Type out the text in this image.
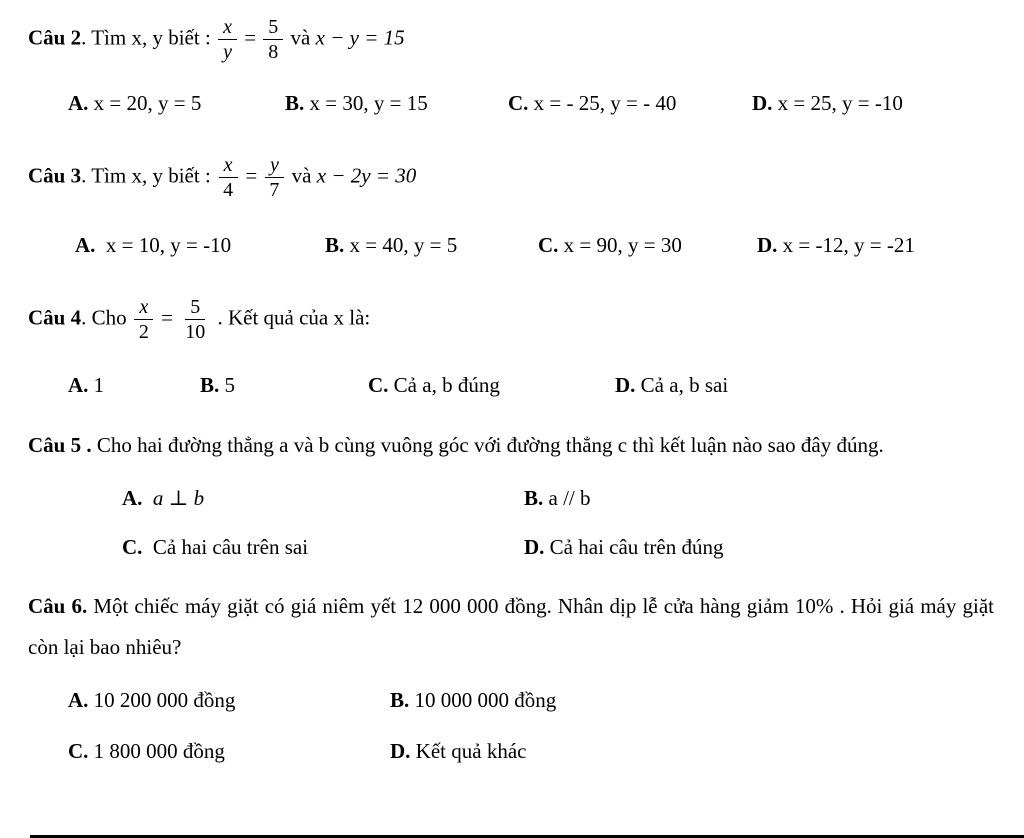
Câu 2. Tìm x, y biết : $\frac{x}{y} = \frac{5}{8}$ và x − y = 15

A. x = 20, y = 5	B. x = 30, y = 15	C. x = - 25, y = - 40	D. x = 25, y = -10

Câu 3. Tìm x, y biết : $\frac{x}{4} = \frac{y}{7}$ và x − 2y = 30

A. x = 10, y = -10	B. x = 40, y = 5	C. x = 90, y = 30	D. x = -12, y = -21

Câu 4. Cho $\frac{x}{2} = \frac{5}{10}$ . Kết quả của x là:

A. 1	B. 5	C. Cả a, b đúng	D. Cả a, b sai

Câu 5 . Cho hai đường thẳng a và b cùng vuông góc với đường thẳng c thì kết luận nào sao đây đúng.

A. a ⊥ b	B. a // b
C. Cả hai câu trên sai	D. Cả hai câu trên đúng

Câu 6. Một chiếc máy giặt có giá niêm yết 12 000 000 đồng. Nhân dịp lễ cửa hàng giảm 10% . Hỏi giá máy giặt còn lại bao nhiêu?

A. 10 200 000 đồng	B. 10 000 000 đồng
C. 1 800 000 đồng	D. Kết quả khác
